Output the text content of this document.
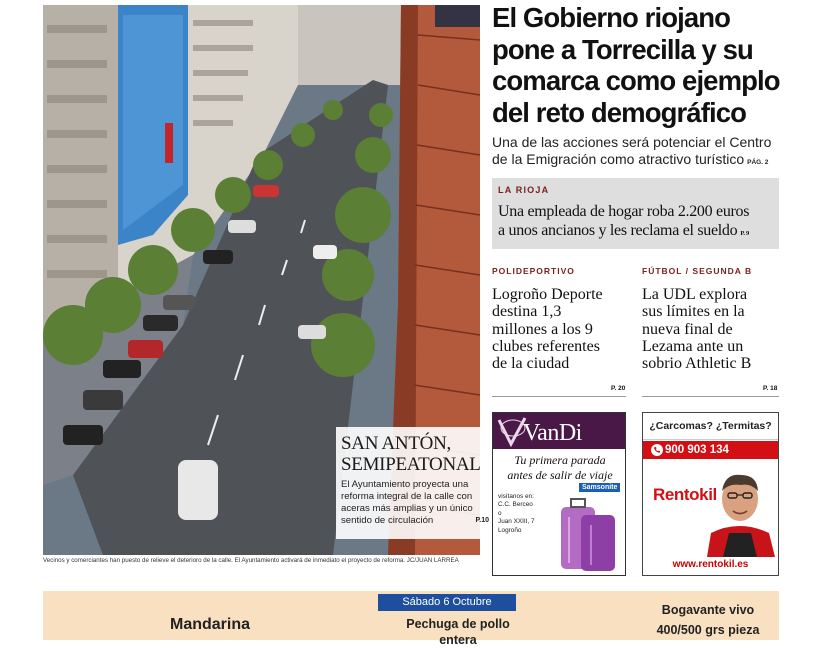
SAN ANTÓN,
SEMIPEATONAL
El Ayuntamiento proyecta una reforma integral de la calle con aceras más amplias y un único sentido de circulación	P.10
Vecinos y comerciantes han puesto de relieve el deterioro de la calle. El Ayuntamiento activará de inmediato el proyecto de reforma. JC/JUAN LARREA
El Gobierno riojano
pone a Torrecilla y su
comarca como ejemplo
del reto demográfico
Una de las acciones será potenciar el Centro
de la Emigración como atractivo turístico PÁG. 2
LA RIOJA
Una empleada de hogar roba 2.200 euros
a unos ancianos y les reclama el sueldo P. 9
POLIDEPORTIVO
Logroño Deporte
destina 1,3
millones a los 9
clubes referentes
de la ciudad
P. 20
FÚTBOL / SEGUNDA B
La UDL explora
sus límites en la
nueva final de
Lezama ante un
sobrio Athletic B
P. 18
VanDi
Tu primera parada
antes de salir de viaje
visítanos en:
C.C. Berceo
o
Juan XXIII, 7
Logroño
Samsonite
¿Carcomas? ¿Termitas?
900 903 134
Rentokil
www.rentokil.es
Sábado 6 Octubre
Mandarina	Pechuga de pollo
entera
Bogavante vivo
400/500 grs pieza
